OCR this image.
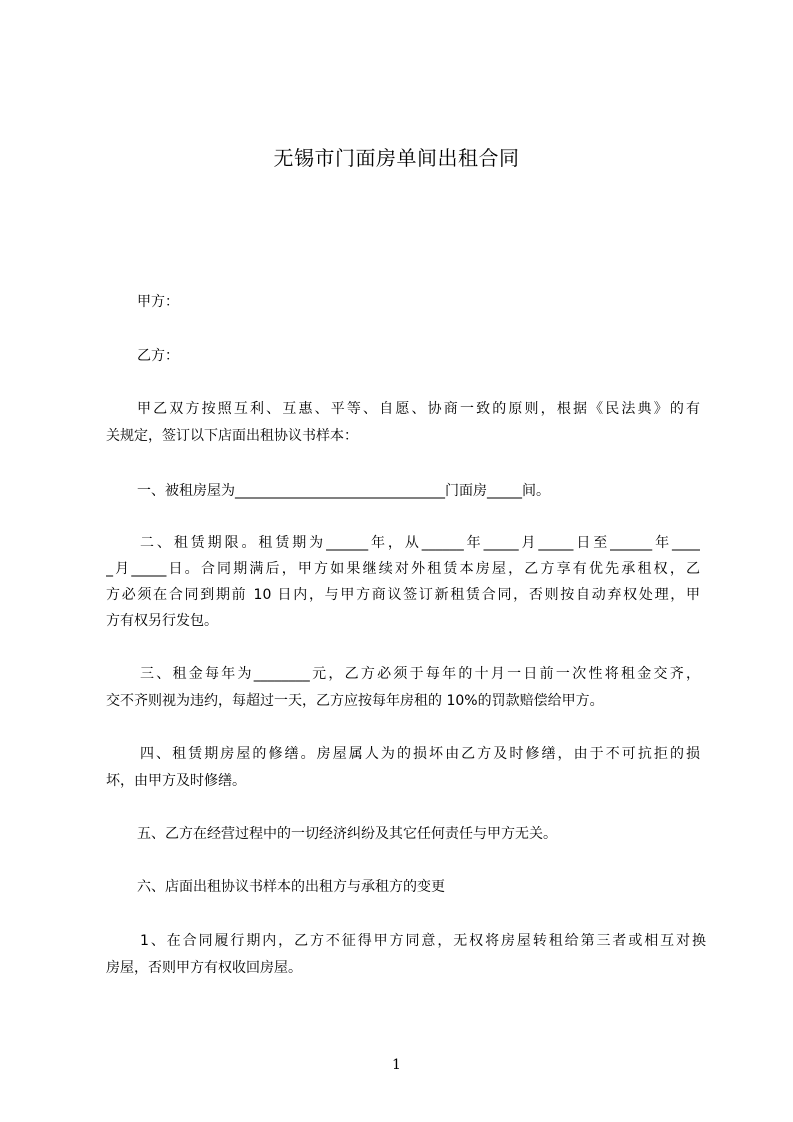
无锡市门面房单间出租合同
甲方：
乙方：
甲乙双方按照互利、互惠、平等、自愿、协商一致的原则，根据《民法典》的有
关规定，签订以下店面出租协议书样本：
一、被租房屋为______________________________门面房_____间。
二、租赁期限。租赁期为______年，从______年_____月_____日至______年____
_月_____日。合同期满后，甲方如果继续对外租赁本房屋，乙方享有优先承租权，乙
方必须在合同到期前 10 日内，与甲方商议签订新租赁合同，否则按自动弃权处理，甲
方有权另行发包。
三、租金每年为________元，乙方必须于每年的十月一日前一次性将租金交齐，
交不齐则视为违约，每超过一天，乙方应按每年房租的 10%的罚款赔偿给甲方。
四、租赁期房屋的修缮。房屋属人为的损坏由乙方及时修缮，由于不可抗拒的损
坏，由甲方及时修缮。
五、乙方在经营过程中的一切经济纠纷及其它任何责任与甲方无关。
六、店面出租协议书样本的出租方与承租方的变更
1、在合同履行期内，乙方不征得甲方同意，无权将房屋转租给第三者或相互对换
房屋，否则甲方有权收回房屋。
1
